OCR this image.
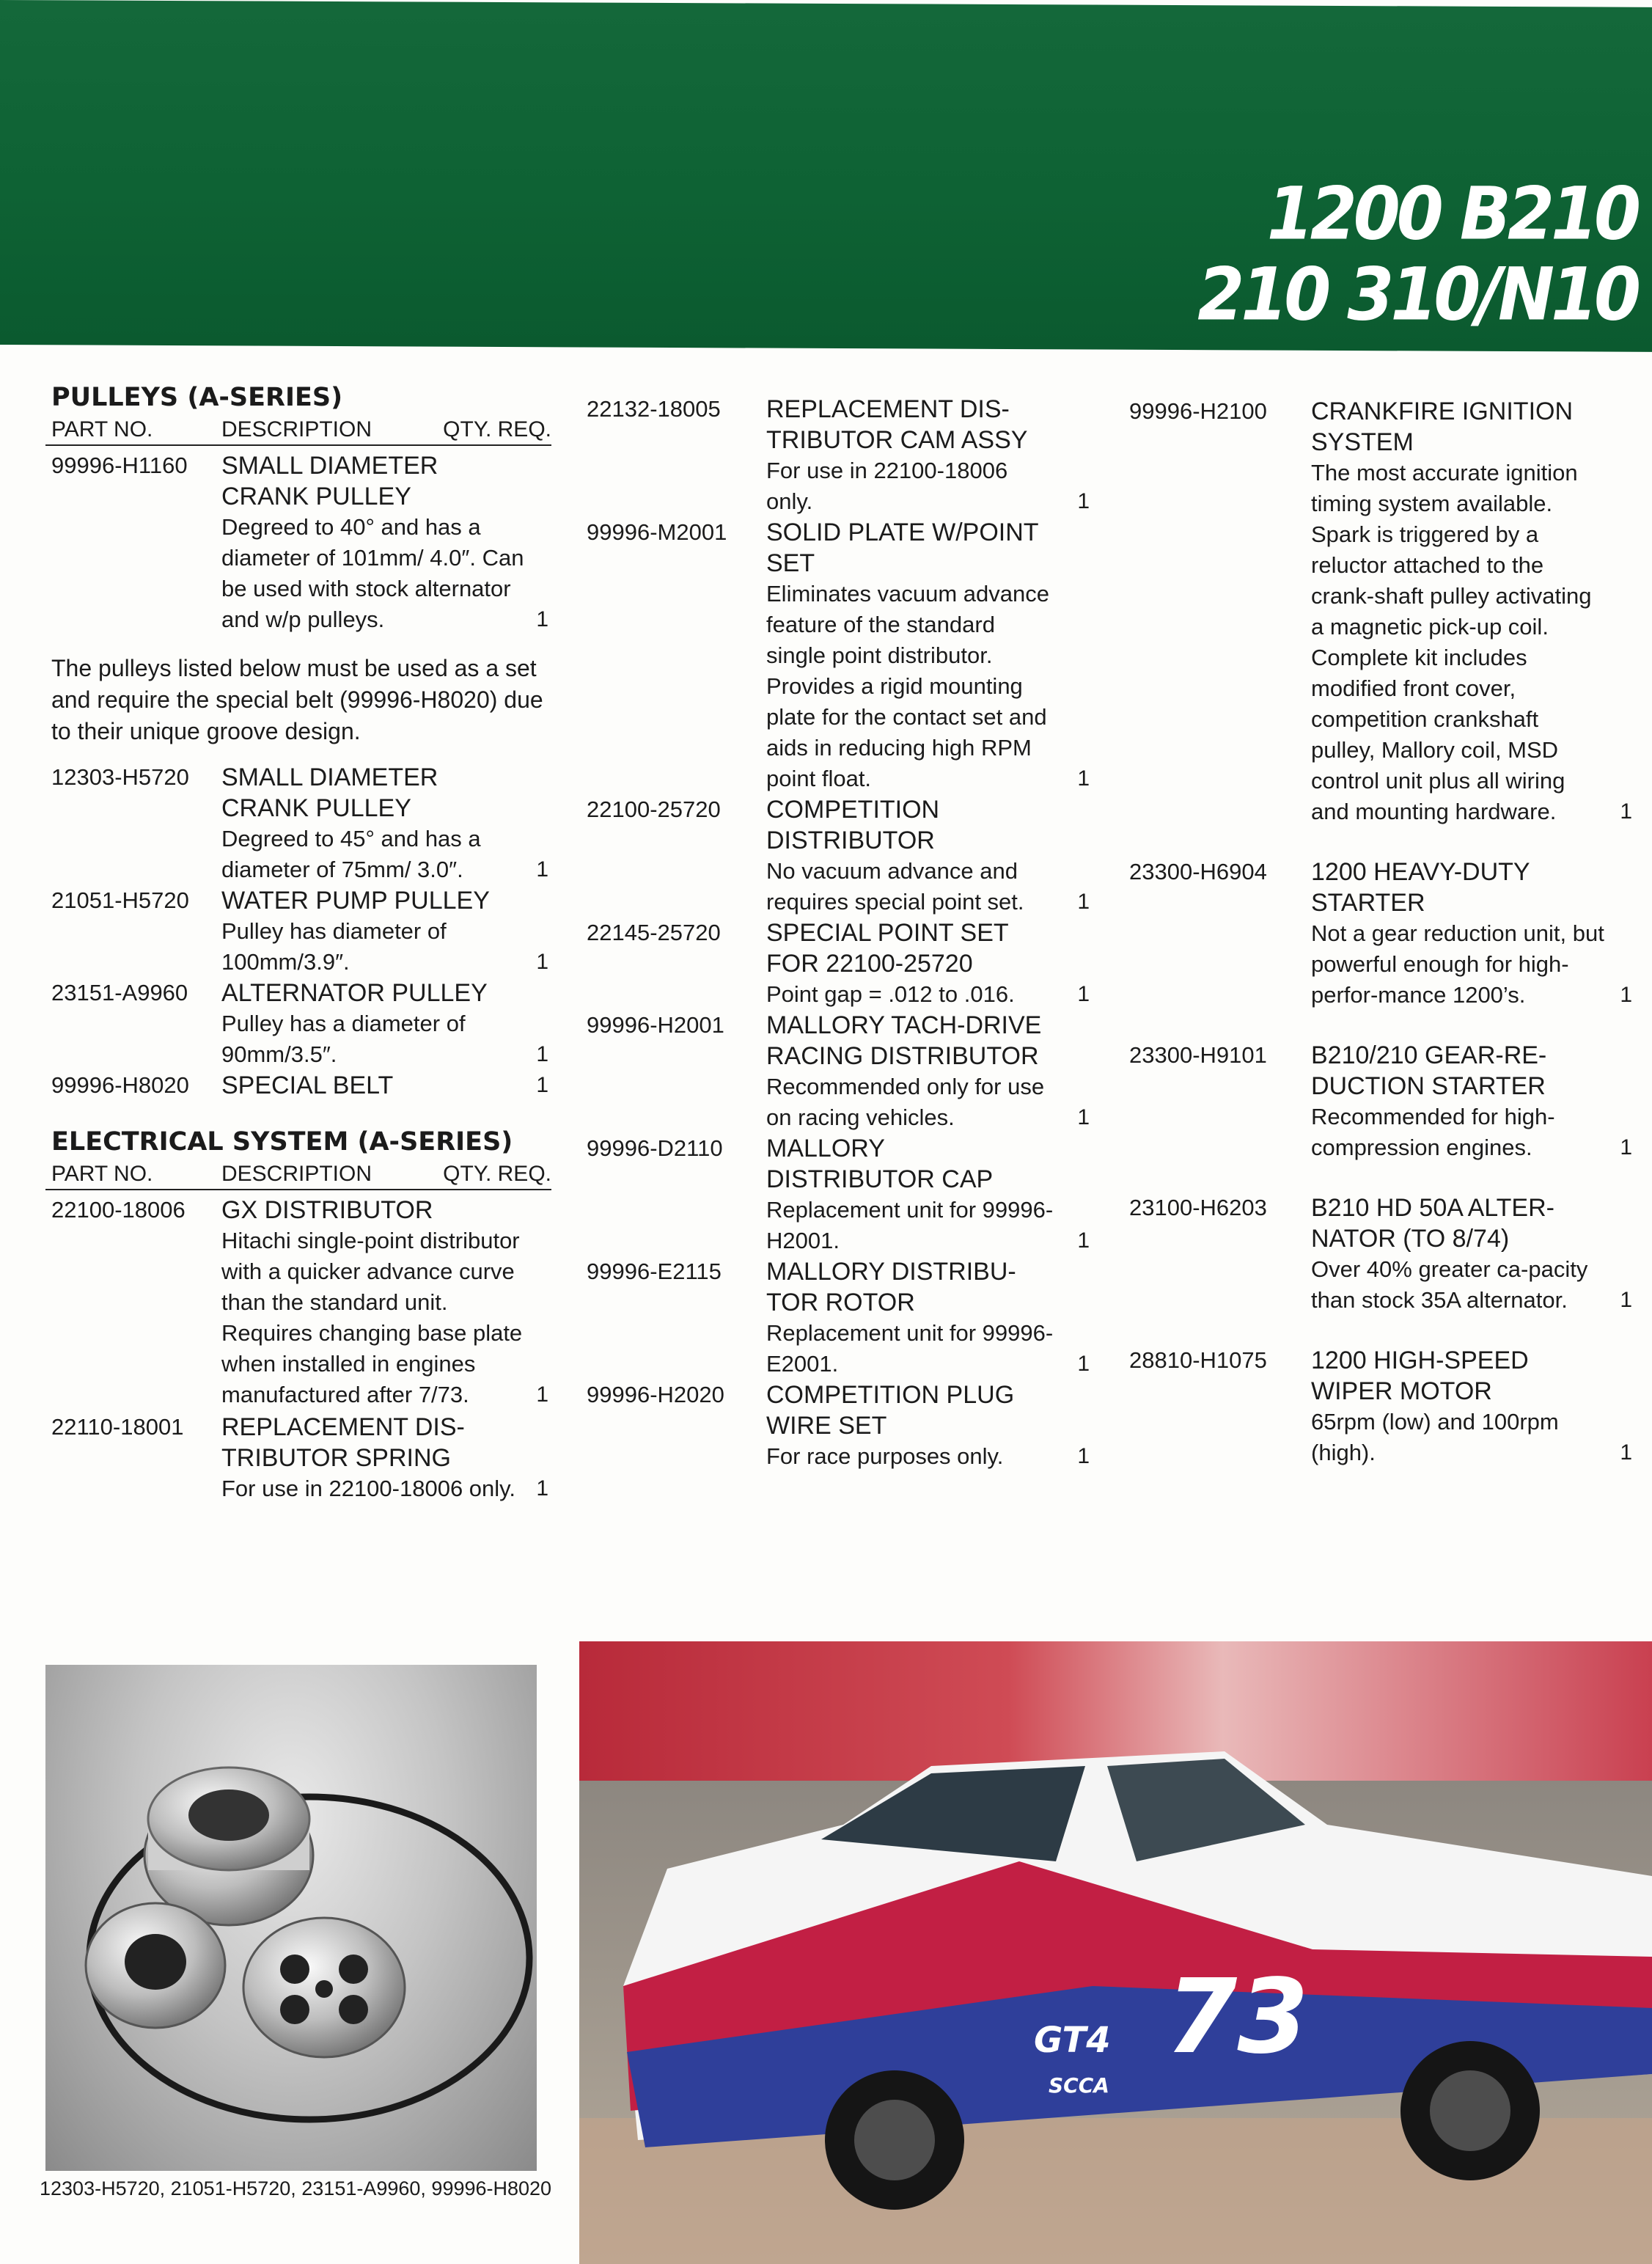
1200 B210
210 310/N10
PULLEYS (A-SERIES)
PART NO.	DESCRIPTION	QTY. REQ.
99996-H1160 SMALL DIAMETER CRANK PULLEY
Degreed to 40° and has a diameter of 101mm/ 4.0″. Can be used with stock alternator and w/p pulleys.	1
The pulleys listed below must be used as a set and require the special belt (99996-H8020) due to their unique groove design.
12303-H5720 SMALL DIAMETER CRANK PULLEY
Degreed to 45° and has a diameter of 75mm/ 3.0″.	1
21051-H5720 WATER PUMP PULLEY
Pulley has diameter of 100mm/3.9″.	1
23151-A9960 ALTERNATOR PULLEY
Pulley has a diameter of 90mm/3.5″.	1
99996-H8020 SPECIAL BELT	1
ELECTRICAL SYSTEM (A-SERIES)
PART NO.	DESCRIPTION	QTY. REQ.
22100-18006 GX DISTRIBUTOR
Hitachi single-point distributor with a quicker advance curve than the standard unit. Requires changing base plate when installed in engines manufactured after 7/73.	1
22110-18001 REPLACEMENT DIS-TRIBUTOR SPRING
For use in 22100-18006 only. 1
22132-18005 REPLACEMENT DIS-TRIBUTOR CAM ASSY
For use in 22100-18006 only.	1
99996-M2001 SOLID PLATE W/POINT SET
Eliminates vacuum advance feature of the standard single point distributor. Provides a rigid mounting plate for the contact set and aids in reducing high RPM point float.	1
22100-25720 COMPETITION DISTRIBUTOR
No vacuum advance and requires special point set.	1
22145-25720 SPECIAL POINT SET FOR 22100-25720
Point gap = .012 to .016.	1
99996-H2001 MALLORY TACH-DRIVE RACING DISTRIBUTOR
Recommended only for use on racing vehicles.	1
99996-D2110 MALLORY DISTRIBUTOR CAP
Replacement unit for 99996-H2001.	1
99996-E2115 MALLORY DISTRIBU-TOR ROTOR
Replacement unit for 99996-E2001.	1
99996-H2020 COMPETITION PLUG WIRE SET
For race purposes only.	1
99996-H2100 CRANKFIRE IGNITION SYSTEM
The most accurate ignition timing system available. Spark is triggered by a reluctor attached to the crank-shaft pulley activating a magnetic pick-up coil. Complete kit includes modified front cover, competition crankshaft pulley, Mallory coil, MSD control unit plus all wiring and mounting hardware.	1
23300-H6904 1200 HEAVY-DUTY STARTER
Not a gear reduction unit, but powerful enough for high-perfor-mance 1200’s.	1
23300-H9101 B210/210 GEAR-RE-DUCTION STARTER
Recommended for high-compression engines.	1
23100-H6203 B210 HD 50A ALTER-NATOR (TO 8/74)
Over 40% greater ca-pacity than stock 35A alternator.	1
28810-H1075 1200 HIGH-SPEED WIPER MOTOR
65rpm (low) and 100rpm (high).	1
12303-H5720, 21051-H5720, 23151-A9960, 99996-H8020
73
GT4
SCCA
